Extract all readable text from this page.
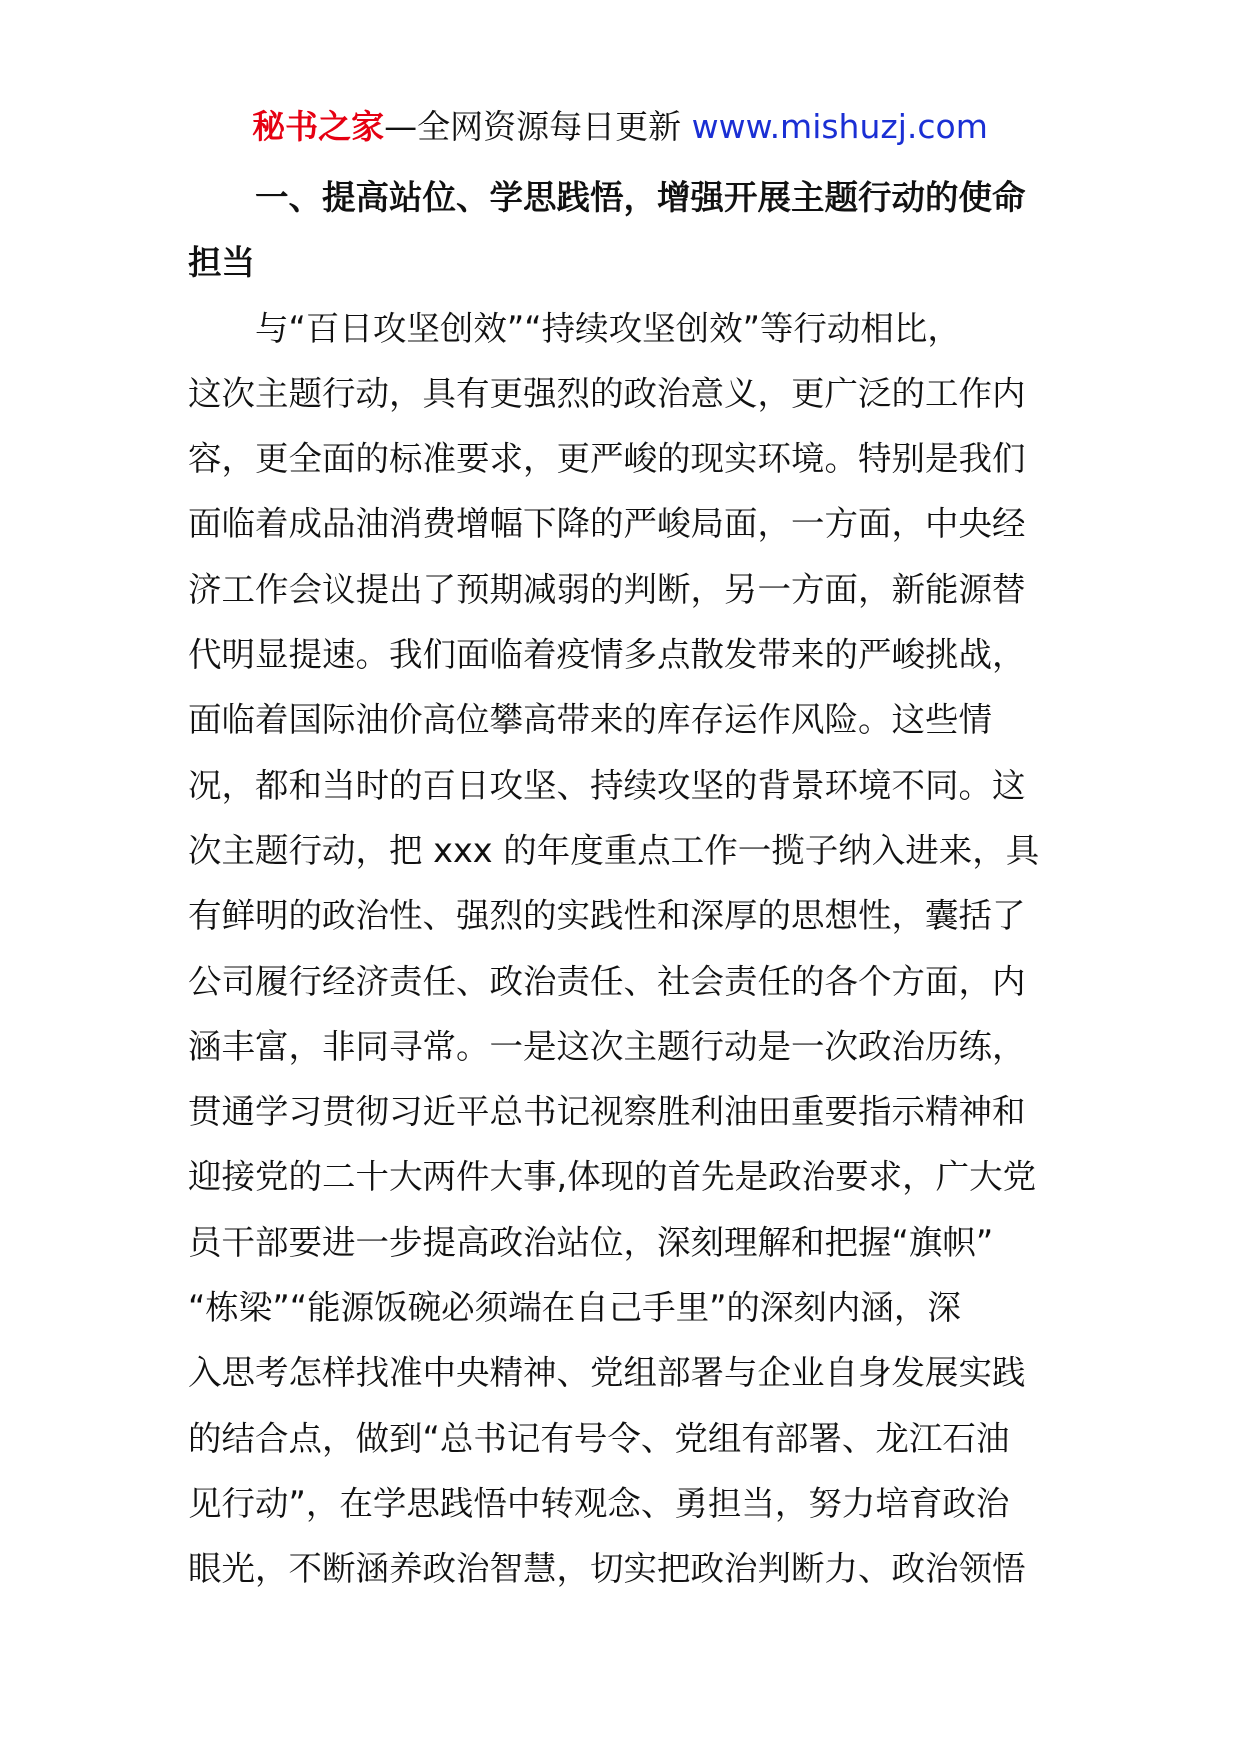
秘书之家—全网资源每日更新 www.mishuzj.com
一、提高站位、学思践悟，增强开展主题行动的使命
担当
与“百日攻坚创效”“持续攻坚创效”等行动相比，
这次主题行动，具有更强烈的政治意义，更广泛的工作内
容，更全面的标准要求，更严峻的现实环境。特别是我们
面临着成品油消费增幅下降的严峻局面，一方面，中央经
济工作会议提出了预期减弱的判断，另一方面，新能源替
代明显提速。我们面临着疫情多点散发带来的严峻挑战，
面临着国际油价高位攀高带来的库存运作风险。这些情
况，都和当时的百日攻坚、持续攻坚的背景环境不同。这
次主题行动，把 xxx 的年度重点工作一揽子纳入进来，具
有鲜明的政治性、强烈的实践性和深厚的思想性，囊括了
公司履行经济责任、政治责任、社会责任的各个方面，内
涵丰富，非同寻常。一是这次主题行动是一次政治历练，
贯通学习贯彻习近平总书记视察胜利油田重要指示精神和
迎接党的二十大两件大事,体现的首先是政治要求，广大党
员干部要进一步提高政治站位，深刻理解和把握“旗帜”
“栋梁”“能源饭碗必须端在自己手里”的深刻内涵，深
入思考怎样找准中央精神、党组部署与企业自身发展实践
的结合点，做到“总书记有号令、党组有部署、龙江石油
见行动”，在学思践悟中转观念、勇担当，努力培育政治
眼光，不断涵养政治智慧，切实把政治判断力、政治领悟
